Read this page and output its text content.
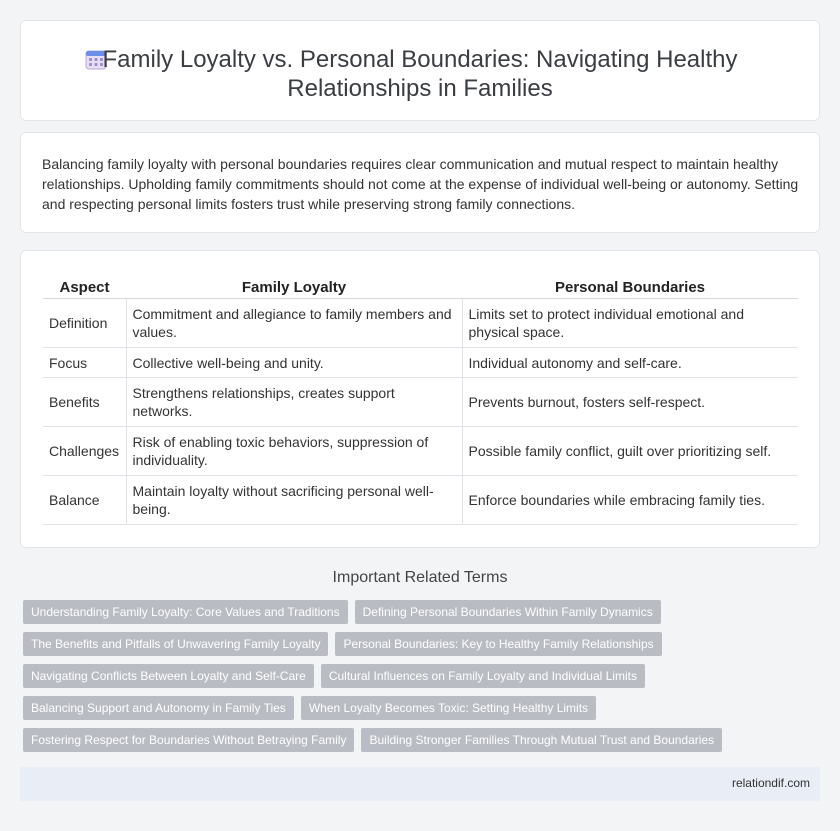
Family Loyalty vs. Personal Boundaries: Navigating Healthy Relationships in Families

Balancing family loyalty with personal boundaries requires clear communication and mutual respect to maintain healthy relationships. Upholding family commitments should not come at the expense of individual well-being or autonomy. Setting and respecting personal limits fosters trust while preserving strong family connections.

Aspect	Family Loyalty	Personal Boundaries
Definition	Commitment and allegiance to family members and values.	Limits set to protect individual emotional and physical space.
Focus	Collective well-being and unity.	Individual autonomy and self-care.
Benefits	Strengthens relationships, creates support networks.	Prevents burnout, fosters self-respect.
Challenges	Risk of enabling toxic behaviors, suppression of individuality.	Possible family conflict, guilt over prioritizing self.
Balance	Maintain loyalty without sacrificing personal well-being.	Enforce boundaries while embracing family ties.
Important Related Terms
Understanding Family Loyalty: Core Values and Traditions	Defining Personal Boundaries Within Family Dynamics
The Benefits and Pitfalls of Unwavering Family Loyalty	Personal Boundaries: Key to Healthy Family Relationships
Navigating Conflicts Between Loyalty and Self-Care	Cultural Influences on Family Loyalty and Individual Limits
Balancing Support and Autonomy in Family Ties	When Loyalty Becomes Toxic: Setting Healthy Limits
Fostering Respect for Boundaries Without Betraying Family	Building Stronger Families Through Mutual Trust and Boundaries
relationdif.com
